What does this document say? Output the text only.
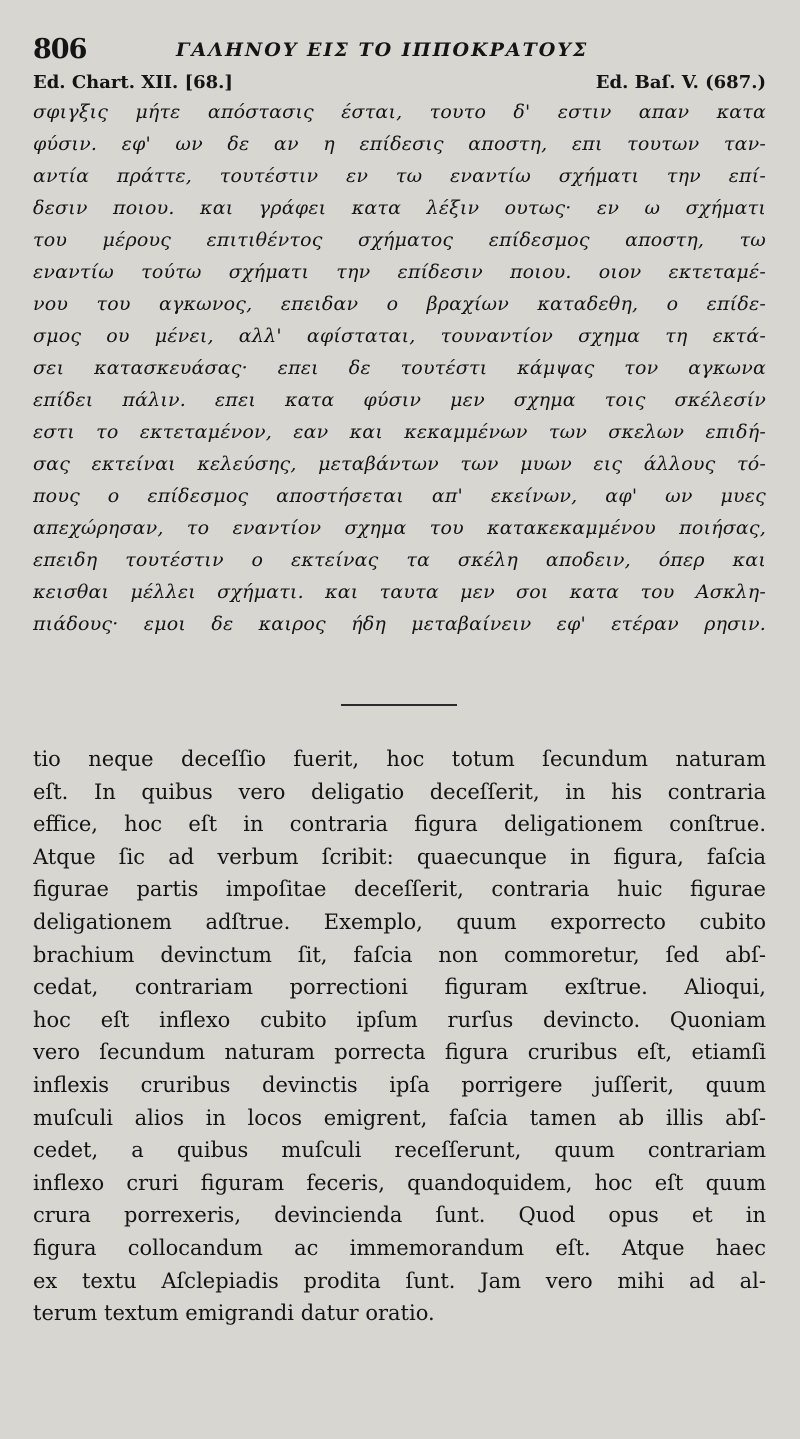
806	ΓΑΛΗΝΟΥ ΕΙΣ ΤΟ ΙΠΠΟΚΡΑΤΟΥΣ
Ed. Chart. XII. [68.]	Ed. Baſ. V. (687.)
σφιγξις μήτε απόστασις έσται, τουτο δ' εστιν απαν κατα
φύσιν. εφ' ων δε αν η επίδεσις αποστη, επι τουτων ταν-
αντία πράττε, τουτέστιν εν τω εναντίω σχήματι την επί-
δεσιν ποιου. και γράφει κατα λέξιν ουτως· εν ω σχήματι
του μέρους επιτιθέντος σχήματος επίδεσμος αποστη, τω
εναντίω τούτω σχήματι την επίδεσιν ποιου. οιον εκτεταμέ-
νου του αγκωνος, επειδαν ο βραχίων καταδεθη, ο επίδε-
σμος ου μένει, αλλ' αφίσταται, τουναντίον σχημα τη εκτά-
σει κατασκευάσας· επει δε τουτέστι κάμψας τον αγκωνα
επίδει πάλιν. επει κατα φύσιν μεν σχημα τοις σκέλεσίν
εστι το εκτεταμένον, εαν και κεκαμμένων των σκελων επιδή-
σας εκτείναι κελεύσης, μεταβάντων των μυων εις άλλους τό-
πους ο επίδεσμος αποστήσεται απ' εκείνων, αφ' ων μυες
απεχώρησαν, το εναντίον σχημα του κατακεκαμμένου ποιήσας,
επειδη τουτέστιν ο εκτείνας τα σκέλη αποδειν, όπερ και
κεισθαι μέλλει σχήματι. και ταυτα μεν σοι κατα του Ασκλη-
πιάδους· εμοι δε καιρος ήδη μεταβαίνειν εφ' ετέραν ρησιν.
tio neque deceſſio fuerit, hoc totum ſecundum naturam
eſt. In quibus vero deligatio deceſſerit, in his contraria
effice, hoc eſt in contraria figura deligationem conſtrue.
Atque ſic ad verbum ſcribit: quaecunque in figura, faſcia
figurae partis impoſitae deceſſerit, contraria huic figurae
deligationem adſtrue. Exemplo, quum exporrecto cubito
brachium devinctum ſit, faſcia non commoretur, ſed abſ-
cedat, contrariam porrectioni figuram exſtrue. Alioqui,
hoc eſt inflexo cubito ipſum rurſus devincto. Quoniam
vero ſecundum naturam porrecta figura cruribus eſt, etiamſi
inflexis cruribus devinctis ipſa porrigere juſſerit, quum
muſculi alios in locos emigrent, faſcia tamen ab illis abſ-
cedet, a quibus muſculi receſſerunt, quum contrariam
inflexo cruri figuram feceris, quandoquidem, hoc eſt quum
crura porrexeris, devincienda ſunt. Quod opus et in
figura collocandum ac immemorandum eſt. Atque haec
ex textu Aſclepiadis prodita ſunt. Jam vero mihi ad al-
terum textum emigrandi datur oratio.
